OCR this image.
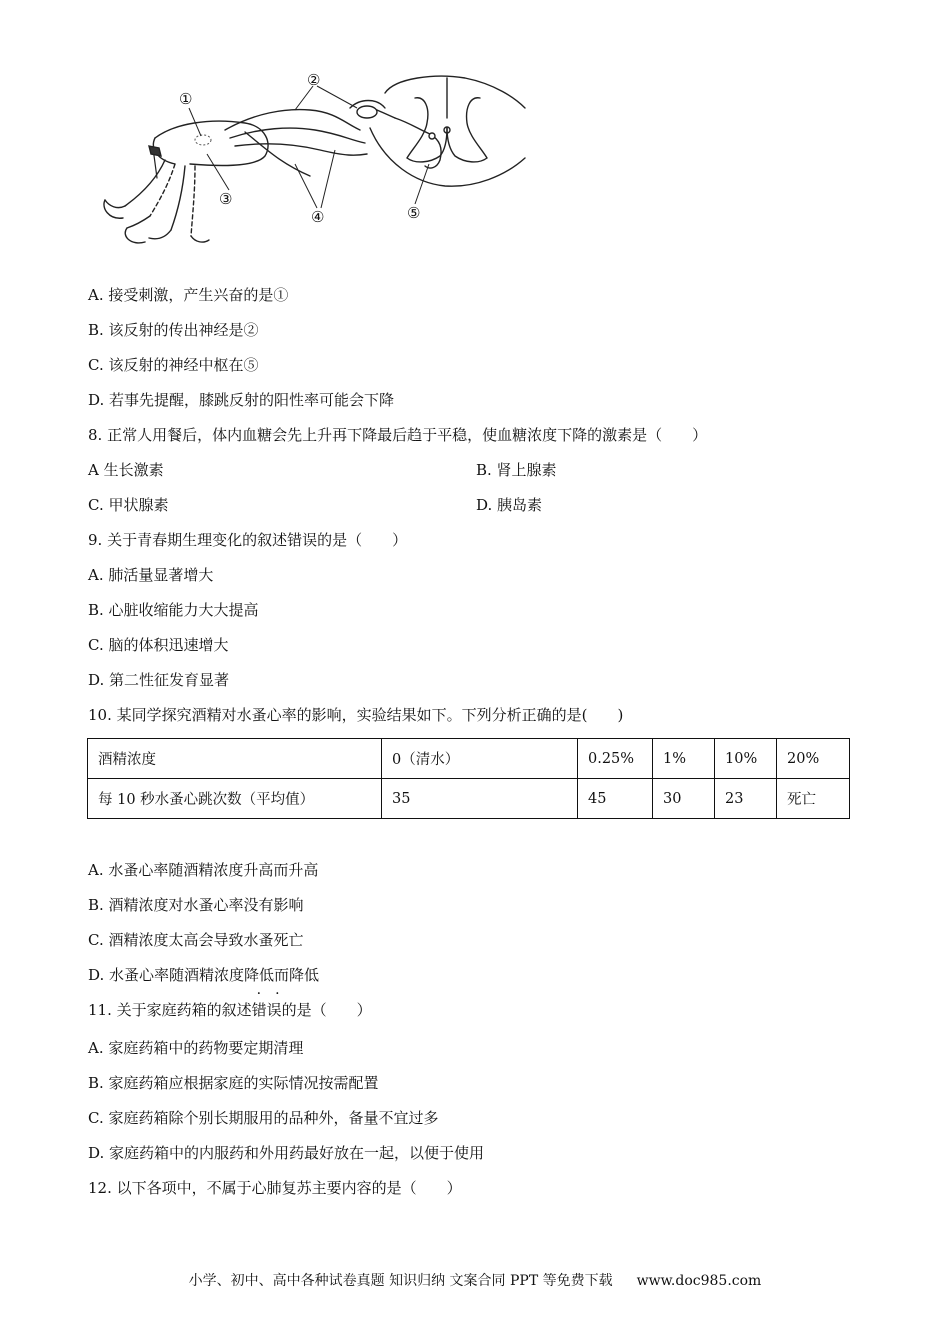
①
②
③
④	⑤
A. 接受刺激，产生兴奋的是①
B. 该反射的传出神经是②
C. 该反射的神经中枢在⑤
D. 若事先提醒，膝跳反射的阳性率可能会下降
8. 正常人用餐后，体内血糖会先上升再下降最后趋于平稳，使血糖浓度下降的激素是（　　）
A 生长激素	B. 肾上腺素
C. 甲状腺素	D. 胰岛素
9. 关于青春期生理变化的叙述错误的是（　　）
A. 肺活量显著增大
B. 心脏收缩能力大大提高
C. 脑的体积迅速增大
D. 第二性征发育显著
10. 某同学探究酒精对水蚤心率的影响，实验结果如下。下列分析正确的是(　　)
酒精浓度	0（清水）	0.25%	1%	10%	20%
每 10 秒水蚤心跳次数（平均值）	35	45	30	23	死亡
A. 水蚤心率随酒精浓度升高而升高
B. 酒精浓度对水蚤心率没有影响
C. 酒精浓度太高会导致水蚤死亡
D. 水蚤心率随酒精浓度降低而降低
11. 关于家庭药箱的叙述· · 错误的是（　　）
A. 家庭药箱中的药物要定期清理
B. 家庭药箱应根据家庭的实际情况按需配置
C. 家庭药箱除个别长期服用的品种外，备量不宜过多
D. 家庭药箱中的内服药和外用药最好放在一起，以便于使用
12. 以下各项中，不属于心肺复苏主要内容的是（　　）
小学、初中、高中各种试卷真题 知识归纳 文案合同 PPT 等免费下载 www.doc985.com
